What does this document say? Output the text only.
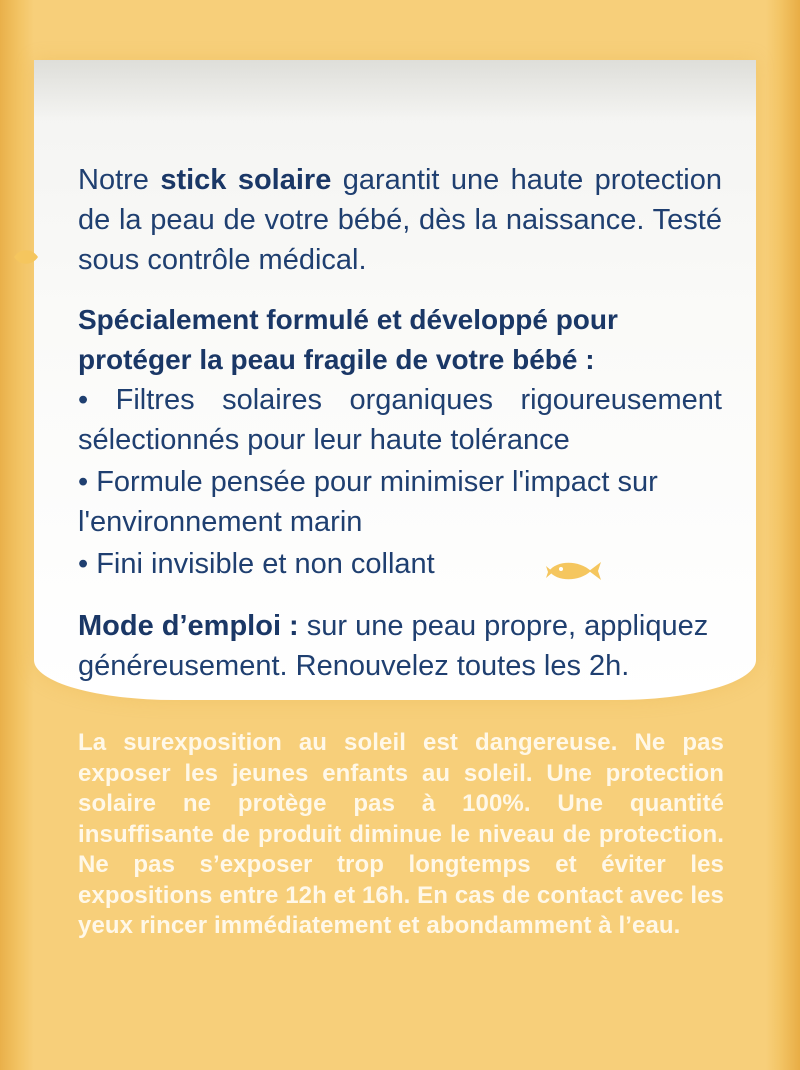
Notre stick solaire garantit une haute protection de la peau de votre bébé, dès la naissance. Testé sous contrôle médical.
Spécialement formulé et développé pour protéger la peau fragile de votre bébé :
• Filtres solaires organiques rigoureusement sélectionnés pour leur haute tolérance
• Formule pensée pour minimiser l'impact sur l'environnement marin
• Fini invisible et non collant
Mode d’emploi : sur une peau propre, appliquez généreusement. Renouvelez toutes les 2h.
La surexposition au soleil est dangereuse. Ne pas exposer les jeunes enfants au soleil. Une protection solaire ne protège pas à 100%. Une quantité insuffisante de produit diminue le niveau de protection. Ne pas s’exposer trop longtemps et éviter les expositions entre 12h et 16h. En cas de contact avec les yeux rincer immédiatement et abondamment à l’eau.
